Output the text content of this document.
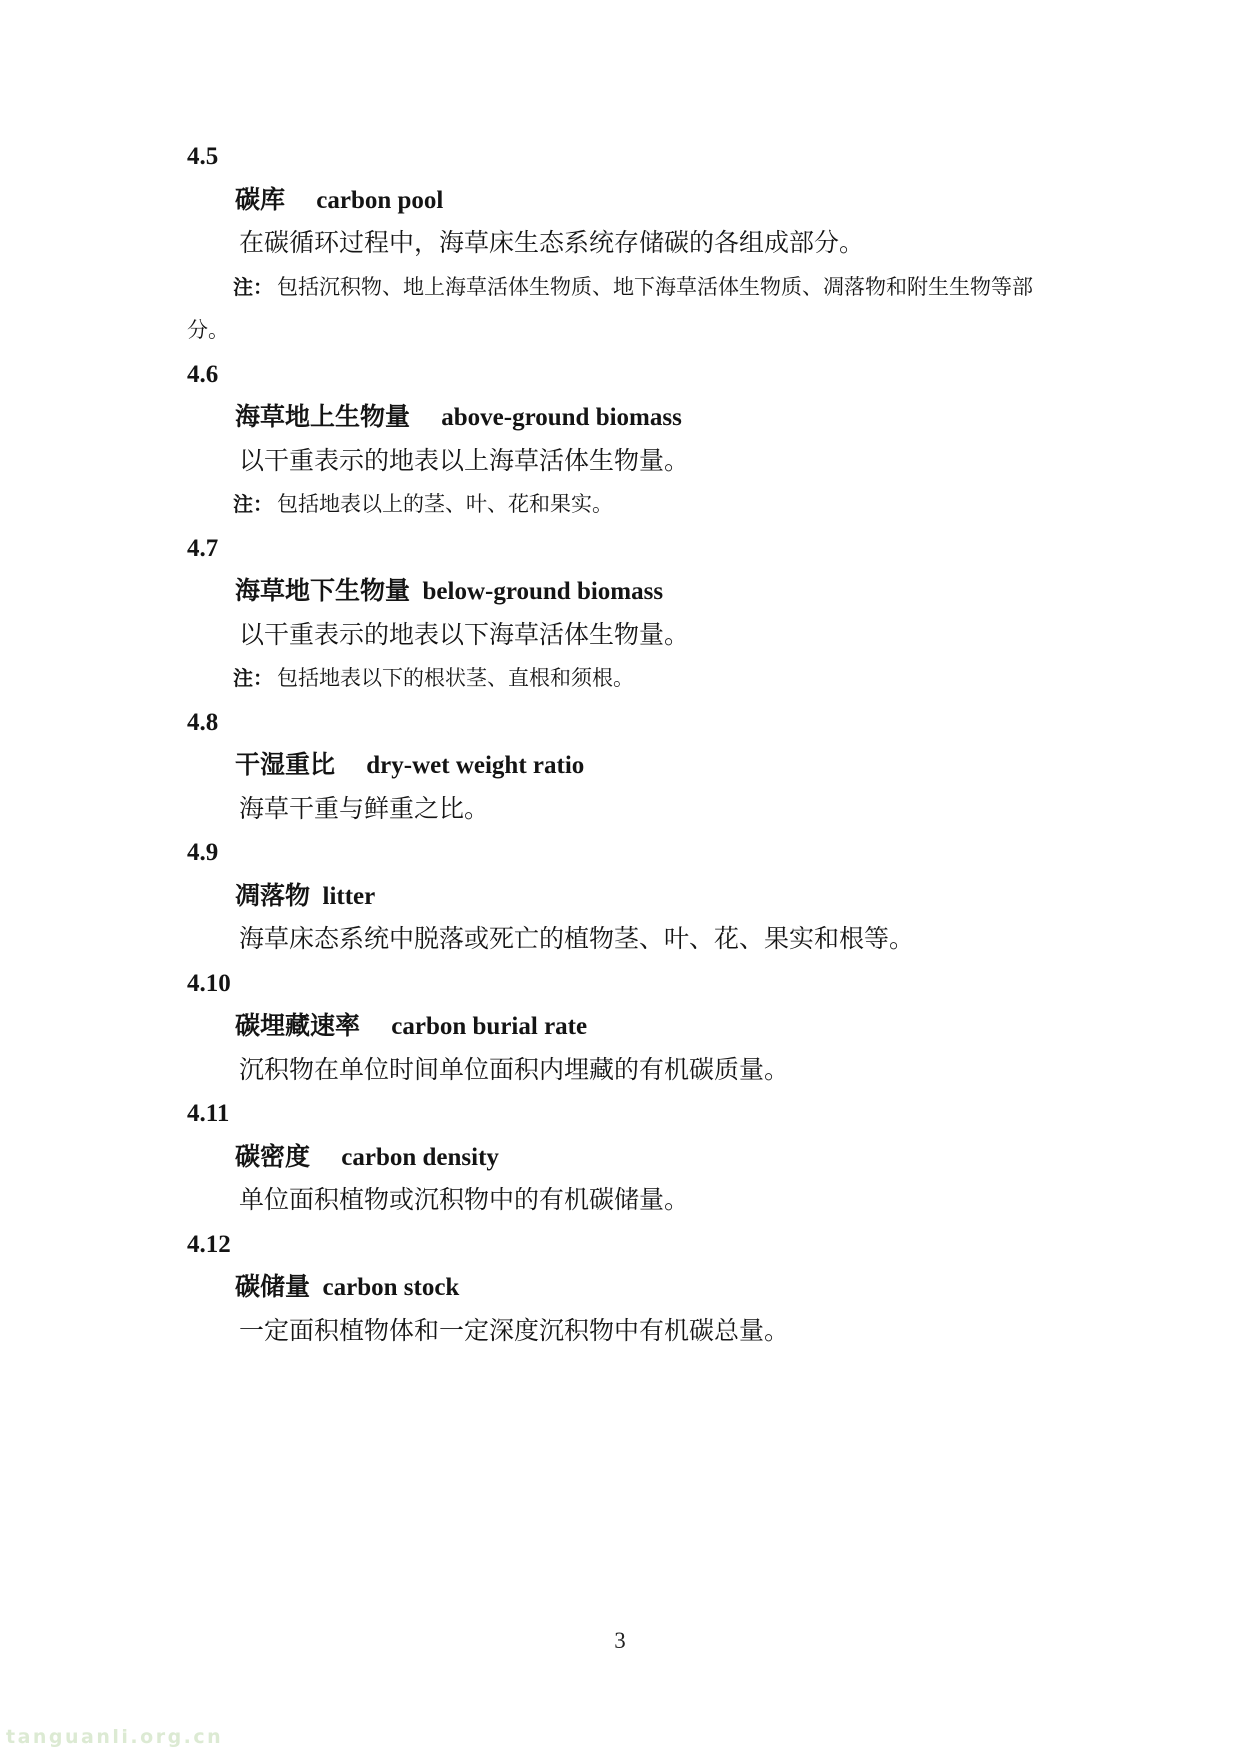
4.5
碳库　 carbon pool
在碳循环过程中，海草床生态系统存储碳的各组成部分。
注： 包括沉积物、地上海草活体生物质、地下海草活体生物质、凋落物和附生生物等部
分。
4.6
海草地上生物量　 above-ground biomass
以干重表示的地表以上海草活体生物量。
注： 包括地表以上的茎、叶、花和果实。
4.7
海草地下生物量  below-ground biomass
以干重表示的地表以下海草活体生物量。
注： 包括地表以下的根状茎、直根和须根。
4.8
干湿重比　 dry-wet weight ratio
海草干重与鲜重之比。
4.9
凋落物  litter
海草床态系统中脱落或死亡的植物茎、叶、花、果实和根等。
4.10
碳埋藏速率　 carbon burial rate
沉积物在单位时间单位面积内埋藏的有机碳质量。
4.11
碳密度　 carbon density
单位面积植物或沉积物中的有机碳储量。
4.12
碳储量  carbon stock
一定面积植物体和一定深度沉积物中有机碳总量。
3
tanguanli.org.cn
